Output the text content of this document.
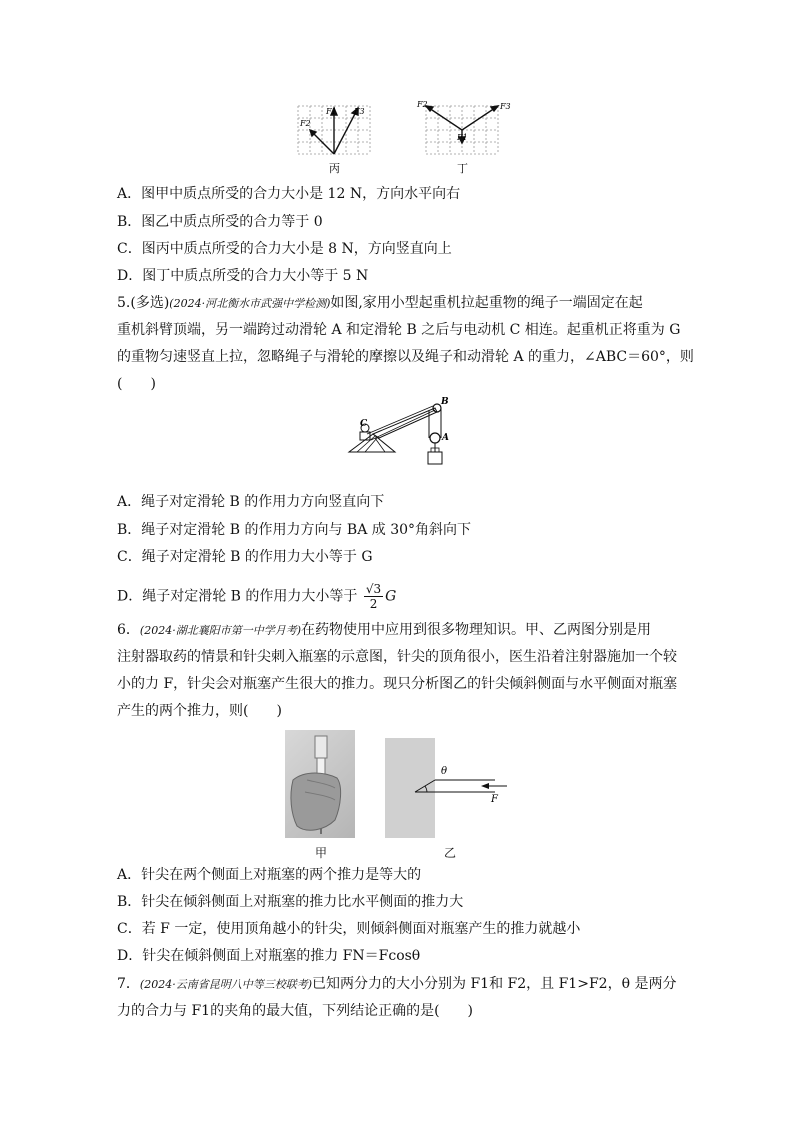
F2
F1 F3
丙
F2	F3
F1
丁
A．图甲中质点所受的合力大小是 12 N，方向水平向右
B．图乙中质点所受的合力等于 0
C．图丙中质点所受的合力大小是 8 N，方向竖直向上
D．图丁中质点所受的合力大小等于 5 N
5.(多选)(2024·河北衡水市武强中学检测)如图,家用小型起重机拉起重物的绳子一端固定在起
重机斜臂顶端，另一端跨过动滑轮 A 和定滑轮 B 之后与电动机 C 相连。起重机正将重为 G
的重物匀速竖直上拉，忽略绳子与滑轮的摩擦以及绳子和动滑轮 A 的重力，∠ABC＝60°，则
(　　)
B
C
A
A．绳子对定滑轮 B 的作用力方向竖直向下
B．绳子对定滑轮 B 的作用力方向与 BA 成 30°角斜向下
C．绳子对定滑轮 B 的作用力大小等于 G
D．绳子对定滑轮 B 的作用力大小等于 $\frac{√3}{2}$ G
6．(2024·湖北襄阳市第一中学月考)在药物使用中应用到很多物理知识。甲、乙两图分别是用
注射器取药的情景和针尖刺入瓶塞的示意图，针尖的顶角很小，医生沿着注射器施加一个较
小的力 F，针尖会对瓶塞产生很大的推力。现只分析图乙的针尖倾斜侧面与水平侧面对瓶塞
产生的两个推力，则(　　)
甲
θ
F
乙
A．针尖在两个侧面上对瓶塞的两个推力是等大的
B．针尖在倾斜侧面上对瓶塞的推力比水平侧面的推力大
C．若 F 一定，使用顶角越小的针尖，则倾斜侧面对瓶塞产生的推力就越小
D．针尖在倾斜侧面上对瓶塞的推力 FN＝Fcosθ
7．(2024·云南省昆明八中等三校联考)已知两分力的大小分别为 F1和 F2，且 F1>F2，θ 是两分
力的合力与 F1的夹角的最大值，下列结论正确的是(　　)
